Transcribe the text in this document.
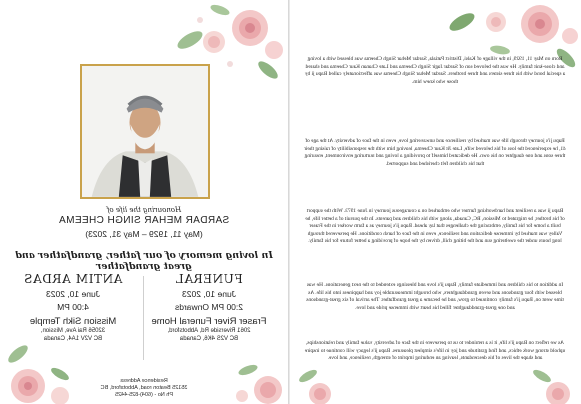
Honouring the life of
SARDAR MEHAR SINGH CHEEMA
(May 11, 1929 – May 31, 2023)
In loving memory of our father, grandfather and great grandfather
ANTIM ARDAS
June 10, 2023
4:00 PM
Mission Sikh Temple
32056 Rai Ave, Mission,
BC V2V 1A4, Canada
FUNERAL
June 10, 2023
2:00 PM Onwards
Fraser River Funeral Home
2061 Riverside Rd, Abbotsford,
BC V2S 4K6, Canada
Residence Address
35125 Beaton road, Abbotsford, BC
Ph No - (604)-825-4425
Born on May 11, 1929, in the village of Kalsi, District Patiala, Sardar Mehar Singh Cheema was blessed with a loving and close-knit family. He was the beloved son of Sardar Jagir Singh Cheema and Late Chanan Kaur Cheema and shared a special bond with his three sisters and three brothers. Sardar Mehar Singh Cheema was affectionately called Bapu ji by those who knew him.
Bapu ji's journey through life was marked by resilience and unwavering love, even in the face of adversity. At the age of 41, he experienced the loss of his beloved wife, Late Jit Kaur Cheema, leaving him with the responsibility of raising their three sons and one daughter on his own. He dedicated himself to providing a loving and nurturing environment, ensuring that his children felt cherished and supported.
Bapu ji was a resilient and hardworking farmer who embarked on a courageous journey in June 1973. With the support of his brother, he migrated to Mission, BC, Canada, along with his children and parents. In the pursuit of a better life, he built a home for his family, embracing the challenges that lay ahead. Bapu ji's journey as a farm worker in the Fraser Valley was marked by immense dedication and resilience, even in the face of harsh conditions. He persevered through long hours under the sweltering sun and the biting chill, driven by the hope of providing a better future for his family.
In addition to his children and immediate family, Bapu ji's love and blessings extended to the next generations. He was blessed with four grandsons and seven granddaughters, who brought immeasurable joy and happiness into his life. As time went on, Bapu ji's family continued to grow, and he became a great grandfather. The arrival of six great-grandsons and one great-granddaughter filled his heart with immense pride and love.
As we reflect on Bapu ji's life, it is a reminder to us to persevere in the face of adversity, value family and relationships, uphold strong work ethics, and find gratitude and joy in life's simplest pleasures. Bapu ji's legacy will continue to inspire and shape the lives of his descendants, leaving an enduring imprint of strength, resilience, and love.
